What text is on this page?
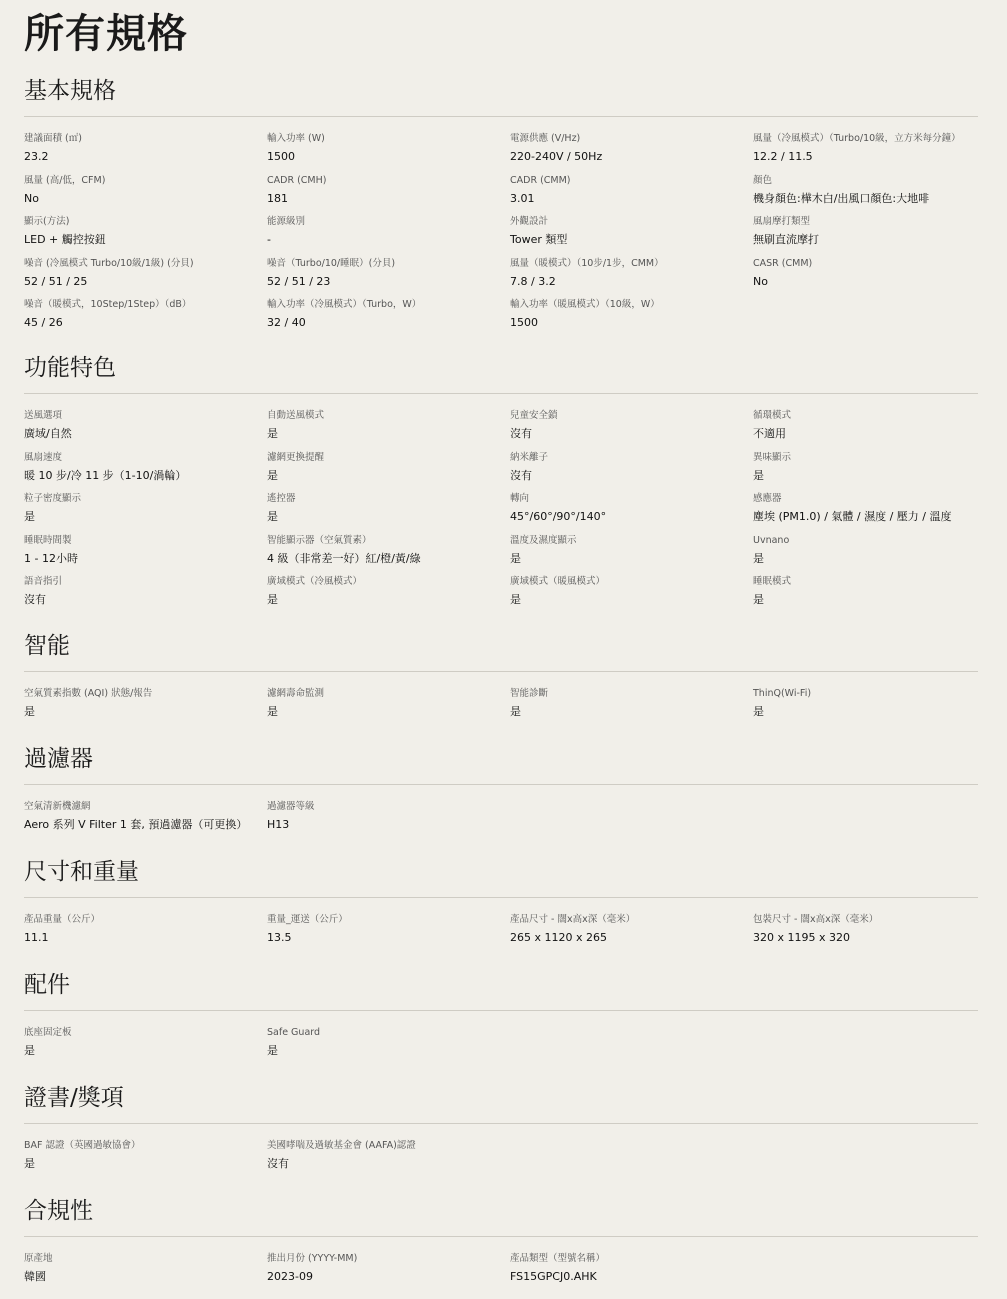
所有規格
基本規格
建議面積 (㎡)
23.2
輸入功率 (W)
1500
電源供應 (V/Hz)
220-240V / 50Hz
風量（冷風模式）（Turbo/10級，立方米每分鐘）
12.2 / 11.5
風量 (高/低，CFM)
No
CADR (CMH)
181
CADR (CMM)
3.01
顏色
機身顏色:樺木白/出風口顏色:大地啡
顯示(方法)
LED + 觸控按鈕
能源級別
-
外觀設計
Tower 類型
風扇摩打類型
無刷直流摩打
噪音 (冷風模式 Turbo/10級/1級) (分貝)
52 / 51 / 25
噪音（Turbo/10/睡眠）(分貝)
52 / 51 / 23
風量（暖模式）（10步/1步，CMM）
7.8 / 3.2
CASR (CMM)
No
噪音（暖模式，10Step/1Step）（dB）
45 / 26
輸入功率（冷風模式）（Turbo，W）
32 / 40
輸入功率（暖風模式）（10級，W）
1500
功能特色
送風選項
廣域/自然
自動送風模式
是
兒童安全鎖
沒有
循環模式
不適用
風扇速度
暖 10 步/冷 11 步（1-10/渦輪）
濾網更換提醒
是
納米離子
沒有
異味顯示
是
粒子密度顯示
是
遙控器
是
轉向
45°/60°/90°/140°
感應器
塵埃 (PM1.0) / 氣體 / 濕度 / 壓力 / 溫度
睡眠時間製
1 - 12小時
智能顯示器（空氣質素）
4 級（非常差一好）紅/橙/黃/綠
溫度及濕度顯示
是
Uvnano
是
語音指引
沒有
廣域模式（冷風模式）
是
廣域模式（暖風模式）
是
睡眠模式
是
智能
空氣質素指數 (AQI) 狀態/報告
是
濾網壽命監測
是
智能診斷
是
ThinQ(Wi-Fi)
是
過濾器
空氣清新機濾網
Aero 系列 V Filter 1 套, 預過濾器（可更換）
過濾器等級
H13
尺寸和重量
產品重量（公斤）
11.1
重量_運送（公斤）
13.5
產品尺寸 - 闊x高x深（毫米）
265 x 1120 x 265
包裝尺寸 - 闊x高x深（毫米）
320 x 1195 x 320
配件
底座固定板
是
Safe Guard
是
證書/獎項
BAF 認證（英國過敏協會）
是
美國哮喘及過敏基金會 (AAFA)認證
沒有
合規性
原產地
韓國
推出月份 (YYYY-MM)
2023-09
產品類型（型號名稱）
FS15GPCJ0.AHK
